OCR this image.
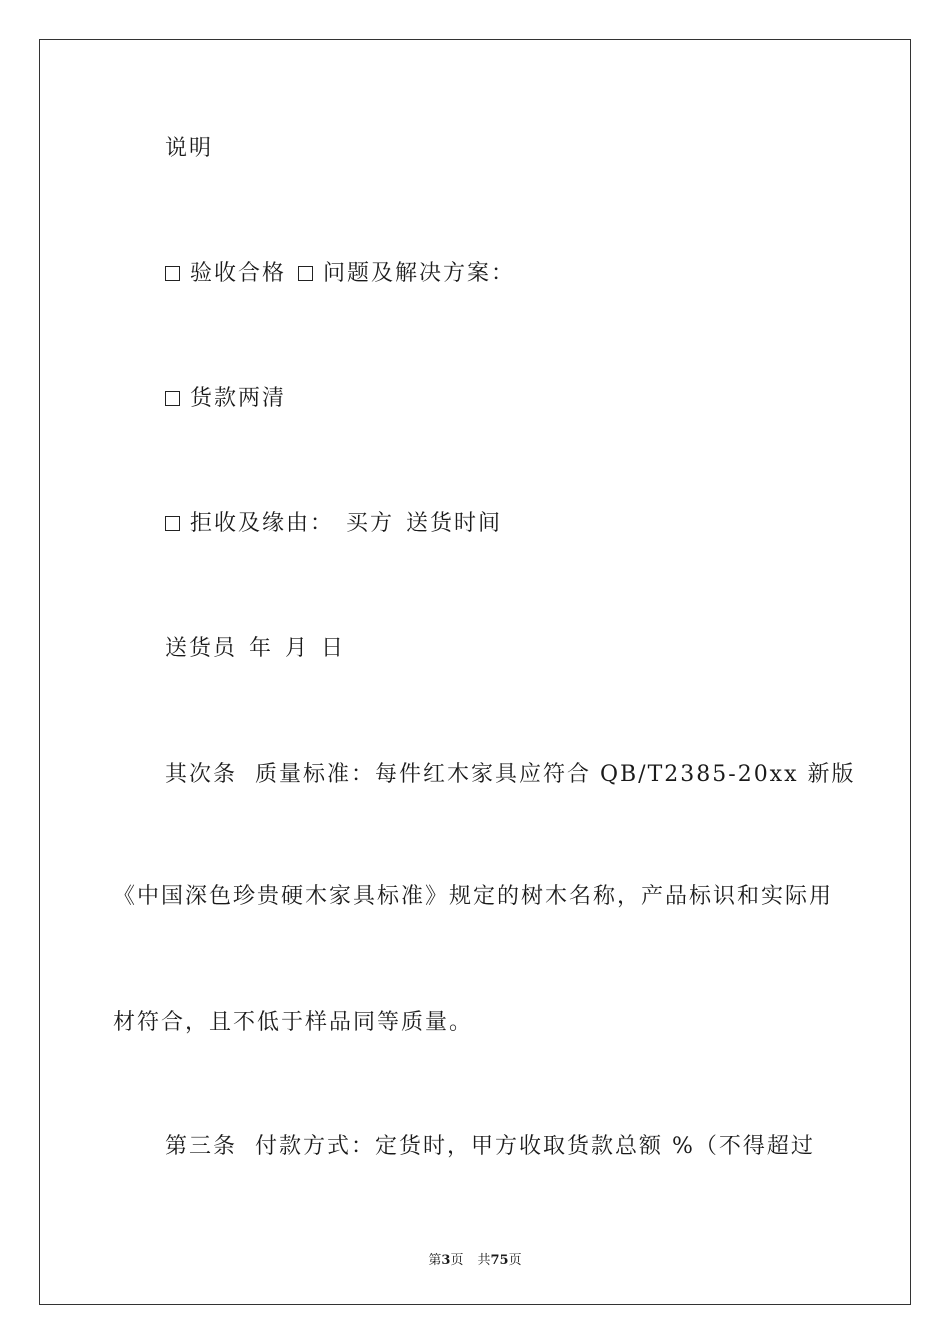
说明
验收合格 问题及解决方案：
货款两清
拒收及缘由： 买方 送货时间
送货员 年 月 日
其次条  质量标准：每件红木家具应符合 QB/T2385-20xx 新版
《中国深色珍贵硬木家具标准》规定的树木名称，产品标识和实际用
材符合，且不低于样品同等质量。
第三条  付款方式：定货时，甲方收取货款总额 %（不得超过
第3页 共75页
